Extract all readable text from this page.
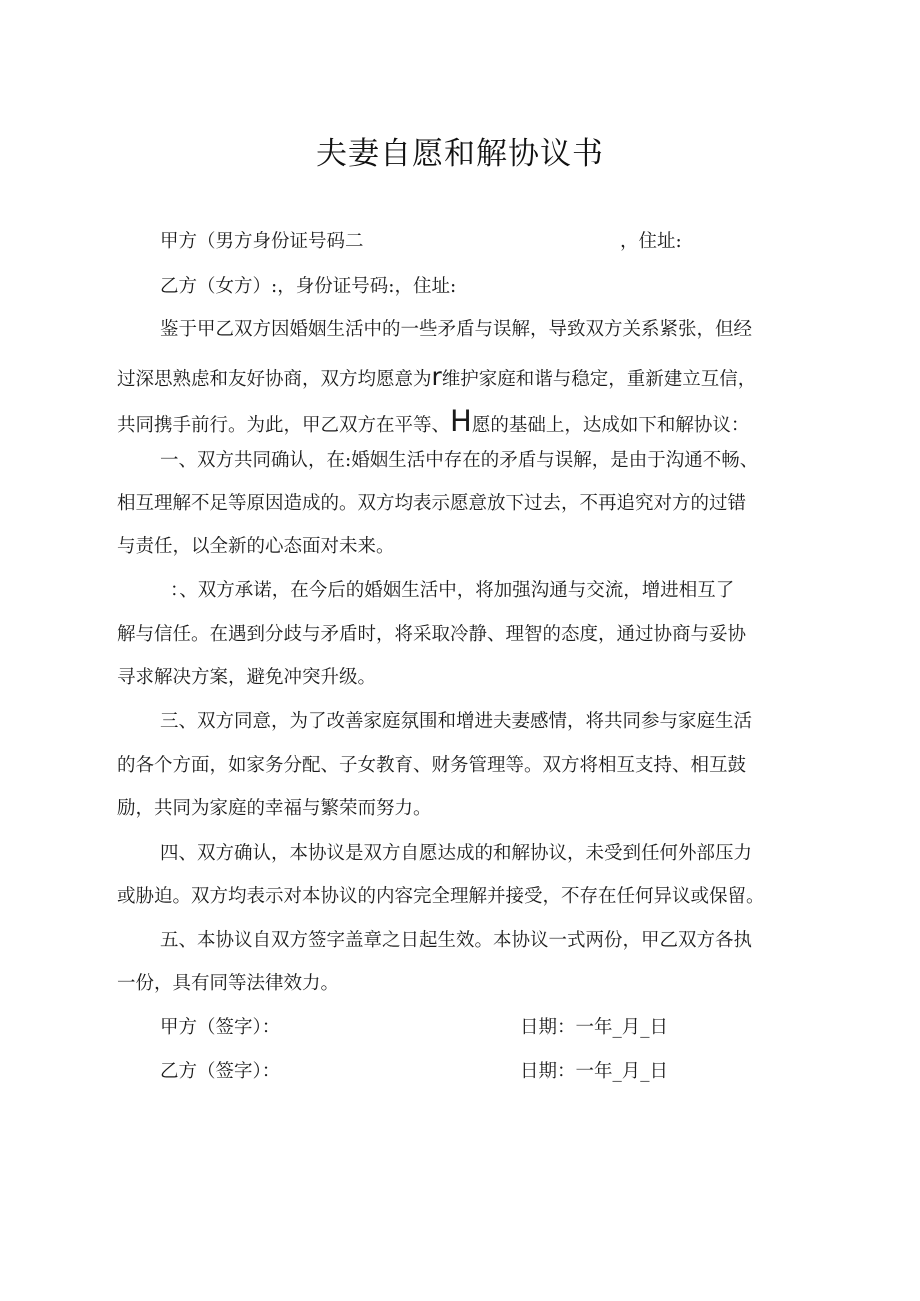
夫妻自愿和解协议书
甲方（男方身份证号码二	，住址:
乙方（女方）:，身份证号码:，住址:
鉴于甲乙双方因婚姻生活中的一些矛盾与误解，导致双方关系紧张，但经
过深思熟虑和友好协商，双方均愿意为r维护家庭和谐与稳定，重新建立互信，
共同携手前行。为此，甲乙双方在平等、H愿的基础上，达成如下和解协议：
一、双方共同确认，在:婚姻生活中存在的矛盾与误解，是由于沟通不畅、
相互理解不足等原因造成的。双方均表示愿意放下过去，不再追究对方的过错
与责任，以全新的心态面对未来。
：、双方承诺，在今后的婚姻生活中，将加强沟通与交流，增进相互了
解与信任。在遇到分歧与矛盾时，将采取冷静、理智的态度，通过协商与妥协
寻求解决方案，避免冲突升级。
三、双方同意，为了改善家庭氛围和增进夫妻感情，将共同参与家庭生活
的各个方面，如家务分配、子女教育、财务管理等。双方将相互支持、相互鼓
励，共同为家庭的幸福与繁荣而努力。
四、双方确认，本协议是双方自愿达成的和解协议，未受到任何外部压力
或胁迫。双方均表示对本协议的内容完全理解并接受，不存在任何异议或保留。
五、本协议自双方签字盖章之日起生效。本协议一式两份，甲乙双方各执
一份，具有同等法律效力。
甲方（签字）：	日期：一年_月_日
乙方（签字）：	日期：一年_月_日
